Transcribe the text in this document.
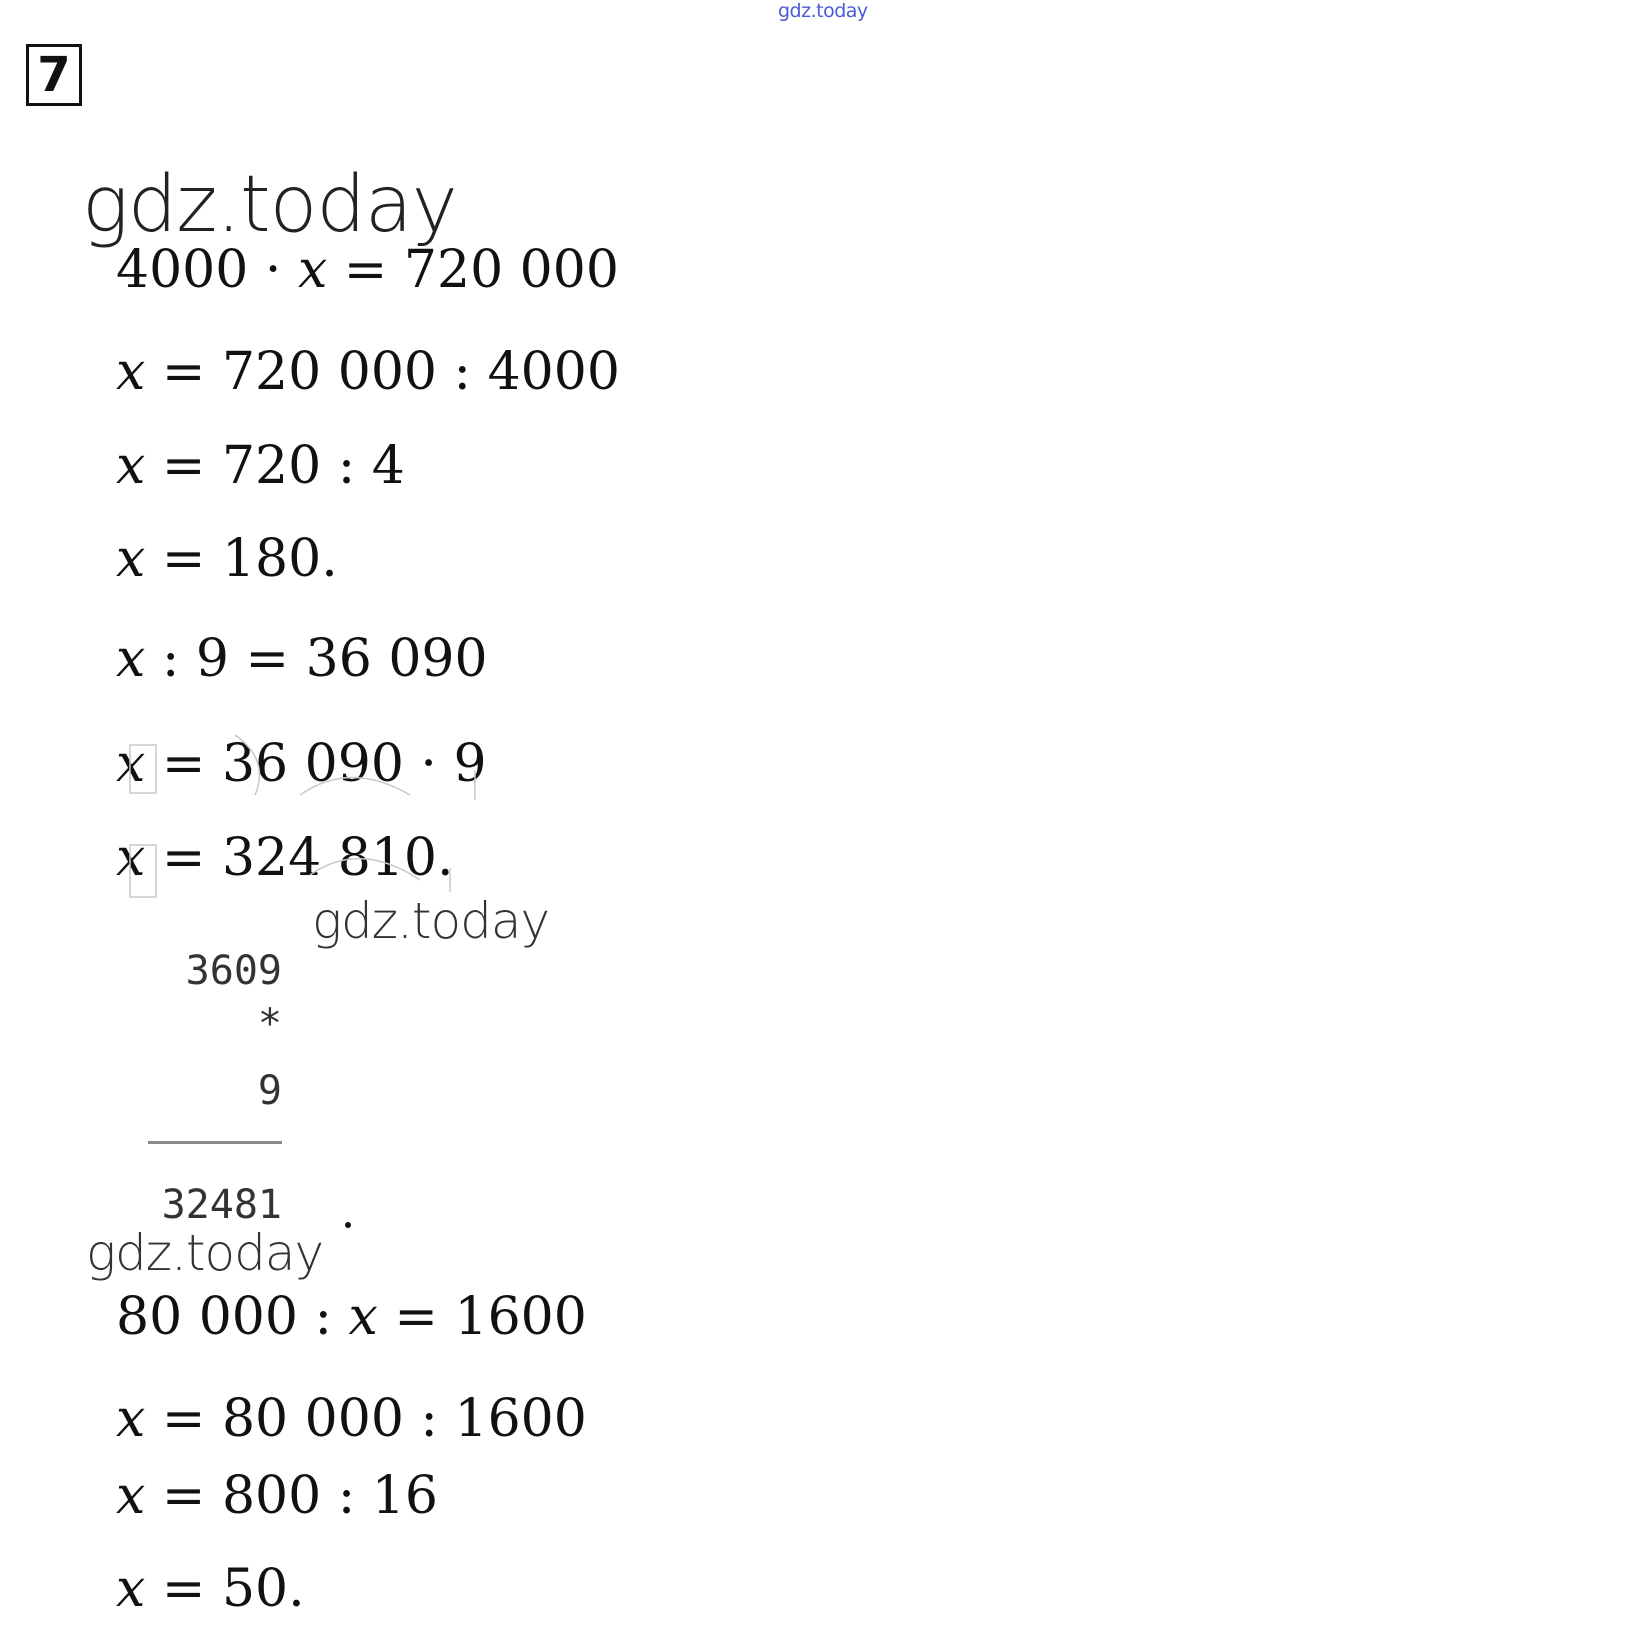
gdz.today
7
gdz.today
4000 · x = 720 000
x = 720 000 : 4000
x = 720 : 4
x = 180.
x : 9 = 36 090
x = 36 090 · 9
x = 324 810.
gdz.today
3609
*
9
32481
gdz.today
80 000 : x = 1600
x = 80 000 : 1600
x = 800 : 16
x = 50.
